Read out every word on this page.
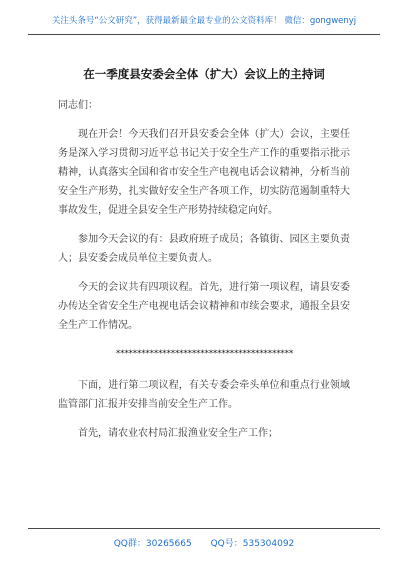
关注头条号“公文研究”，获得最新最全最专业的公文资料库！ 微信：gongwenyj
在一季度县安委会全体（扩大）会议上的主持词

同志们：

现在开会！今天我们召开县安委会全体（扩大）会议，主要任务是深入学习贯彻习近平总书记关于安全生产工作的重要指示批示精神，认真落实全国和省市安全生产电视电话会议精神，分析当前安全生产形势，扎实做好安全生产各项工作，切实防范遏制重特大事故发生，促进全县安全生产形势持续稳定向好。

参加今天会议的有：县政府班子成员；各镇街、园区主要负责人；县安委会成员单位主要负责人。

今天的会议共有四项议程。首先，进行第一项议程，请县安委办传达全省安全生产电视电话会议精神和市续会要求，通报全县安全生产工作情况。

******************************************

下面，进行第二项议程，有关专委会牵头单位和重点行业领域监管部门汇报并安排当前安全生产工作。

首先，请农业农村局汇报渔业安全生产工作；

QQ群：30265665 QQ号：535304092
